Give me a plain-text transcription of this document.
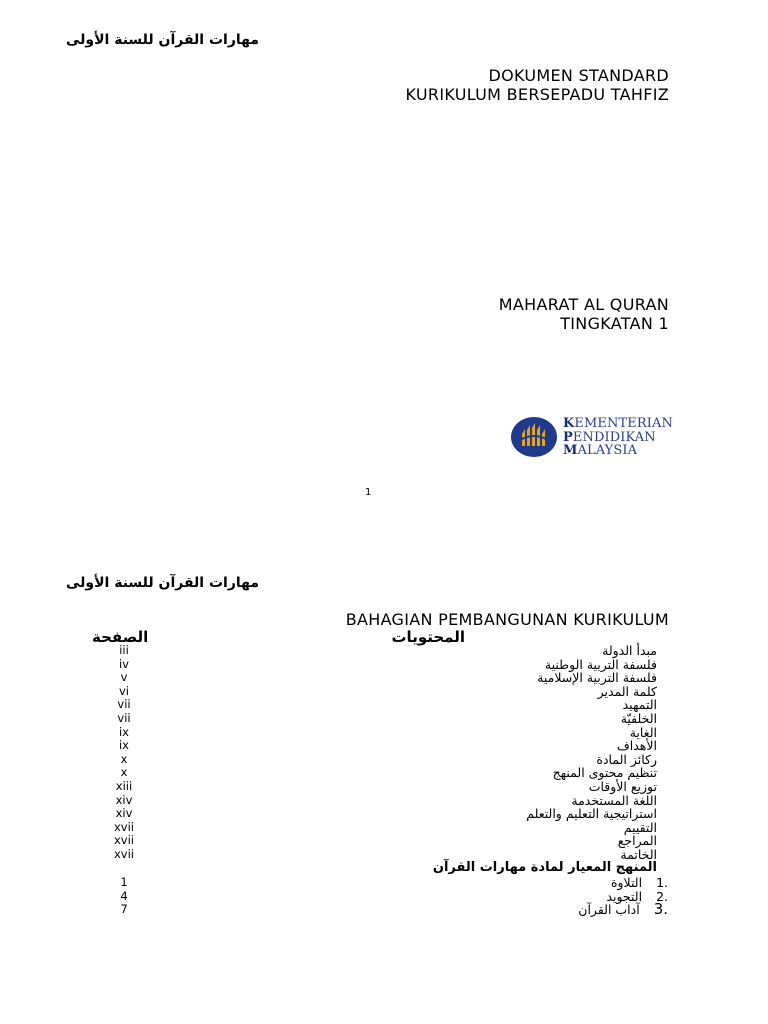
مهارات القرآن للسنة الأولى
DOKUMEN STANDARD
KURIKULUM BERSEPADU TAHFIZ
MAHARAT AL QURAN
TINGKATAN 1
KEMENTERIAN
PENDIDIKAN
MALAYSIA
1
مهارات القرآن للسنة الأولى
BAHAGIAN PEMBANGUNAN KURIKULUM
المحتويات
الصفحة
مبدأ الدولة
iii
فلسفة التربية الوطنية
iv
فلسفة التربية الإسلامية
v
كلمة المدير
vi
التمهيد
vii
الخلفيّة
vii
الغاية
ix
الأهداف
ix
ركائز المادة
x
تنظيم محتوى المنهج
x
توزيع الأوقات
xiii
اللغة المستخدمة
xiv
استراتيجية التعليم والتعلم
xiv
التقييم
xvii
المراجع
xvii
الخاتمة
xvii
المنهج المعيار لمادة مهارات القرآن
1.التلاوة
1
2.التجويد
4
3.آداب القرآن
7
